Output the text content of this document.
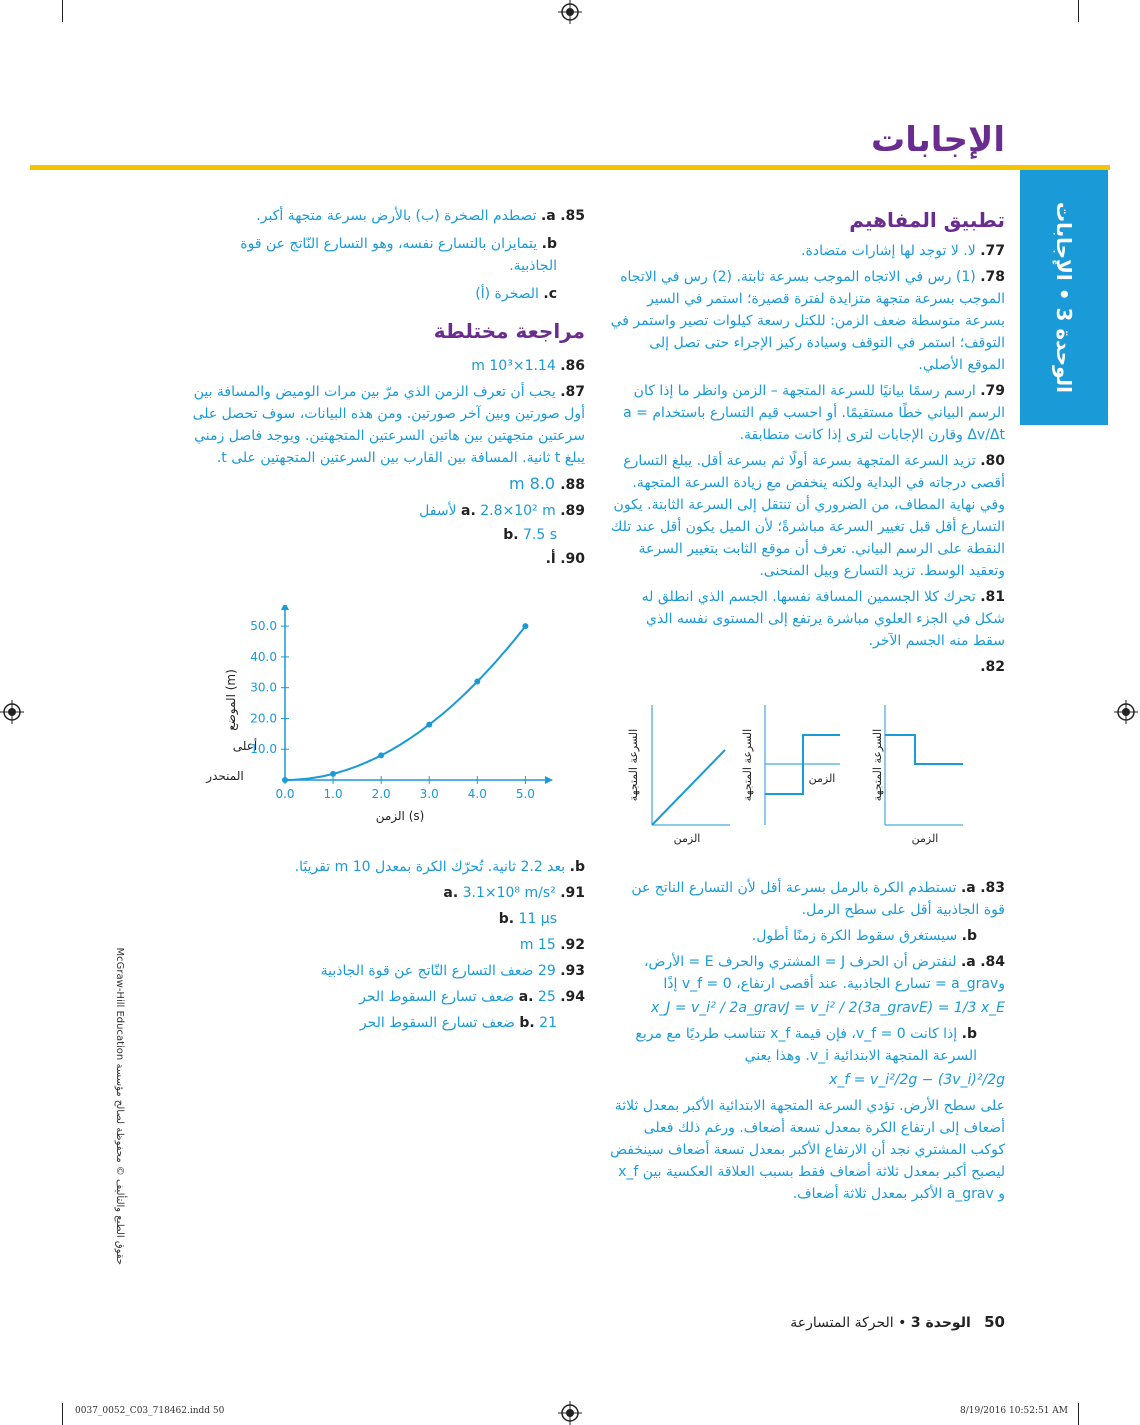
الإجابات
الوحدة 3 • الإجابات
85. a. تصطدم الصخرة (ب) بالأرض بسرعة متجهة أكبر.
b. يتمايزان بالتسارع نفسه، وهو التسارع النّاتج عن قوة الجاذبية.
c. الصخرة (أ)
مراجعة مختلطة
86. 1.14×10³ m
87. يجب أن تعرف الزمن الذي مرّ بين مرات الوميض والمسافة بين أول صورتين وبين آخر صورتين. ومن هذه البيانات، سوف تحصل على سرعتين متجهتين بين هاتين السرعتين المتجهتين. ويوجد فاصل زمني يبلغ t ثانية. المسافة بين القارب بين السرعتين المتجهتين على t.
88. 8.0 m
89. a. 2.8×10² m لأسفل
b. 7.5 s
90. أ.
10.0
20.0
30.0
40.0
50.0
0.0 1.0 2.0 3.0 4.0 5.0
الزمن (s)
الموضع (m)
أعلى
المنحدر
b. بعد 2.2 ثانية. تُحرّك الكرة بمعدل 10 m تقريبًا.
91. a. 3.1×10⁸ m/s²
b. 11 μs
92. 15 m
93. 29 ضعف التسارع النّاتج عن قوة الجاذبية
94. a. 25 ضعف تسارع السقوط الحر
b. 21 ضعف تسارع السقوط الحر
تطبيق المفاهيم
77. لا. لا توجد لها إشارات متضادة.
78. (1) رس في الاتجاه الموجب بسرعة ثابتة. (2) رس في الاتجاه الموجب بسرعة متجهة متزايدة لفترة قصيرة؛ استمر في السير بسرعة متوسطة ضعف الزمن: للكتل رسعة كيلوات تصير واستمر في التوقف؛ استمر في التوقف وسيادة ركيز الإجراء حتى تصل إلى الموقع الأصلي.
79. ارسم رسمًا بيانيًا للسرعة المتجهة – الزمن وانظر ما إذا كان الرسم البياني خطًا مستقيمًا. أو احسب قيم التسارع باستخدام a = Δv/Δt وقارن الإجابات لترى إذا كانت متطابقة.
80. تزيد السرعة المتجهة بسرعة أولًا ثم بسرعة أقل. يبلغ التسارع أقصى درجاته في البداية ولكنه ينخفض مع زيادة السرعة المتجهة. وفي نهاية المطاف، من الضروري أن تنتقل إلى السرعة الثابتة. يكون التسارع أقل قبل تغيير السرعة مباشرةً؛ لأن الميل يكون أقل عند تلك النقطة على الرسم البياني. تعرف أن موقع الثابت بتغيير السرعة وتعقيد الوسط. تزيد التسارع وبيل المنحنى.
81. تحرك كلا الجسمين المسافة نفسها. الجسم الذي انطلق له شكل في الجزء العلوي مباشرة يرتفع إلى المستوى نفسه الذي سقط منه الجسم الآخر.
82.
السرعة المتجهة
الزمن
السرعة المتجهة	الزمن	السرعة المتجهة
الزمن
83. a. تستطدم الكرة بالرمل بسرعة أقل لأن التسارع الناتج عن قوة الجاذبية أقل على سطح الرمل.
b. سيستغرق سقوط الكرة زمنًا أطول.
84. a. لنفترض أن الحرف J = المشتري والحرف E = الأرض، وa_grav = تسارع الجاذبية. عند أقصى ارتفاع، v_f = 0 إذًا
x_J = v_i² / 2a_gravJ = v_i² / 2(3a_gravE) = 1/3 x_E
b. إذا كانت v_f = 0، فإن قيمة x_f تتناسب طرديًا مع مربع السرعة المتجهة الابتدائية v_i. وهذا يعني
x_f = v_i²/2g − (3v_i)²/2g
على سطح الأرض. تؤدي السرعة المتجهة الابتدائية الأكبر بمعدل ثلاثة أضعاف إلى ارتفاع الكرة بمعدل تسعة أضعاف. ورغم ذلك فعلى كوكب المشتري نجد أن الارتفاع الأكبر بمعدل تسعة أضعاف سينخفض ليصبح أكبر بمعدل ثلاثة أضعاف فقط بسبب العلاقة العكسية بين x_f و a_grav الأكبر بمعدل ثلاثة أضعاف.
50   الوحدة 3 • الحركة المتسارعة
حقوق الطبع والتأليف © محفوظة لصالح مؤسسة McGraw-Hill Education
0037_0052_C03_718462.indd 50	8/19/2016 10:52:51 AM
